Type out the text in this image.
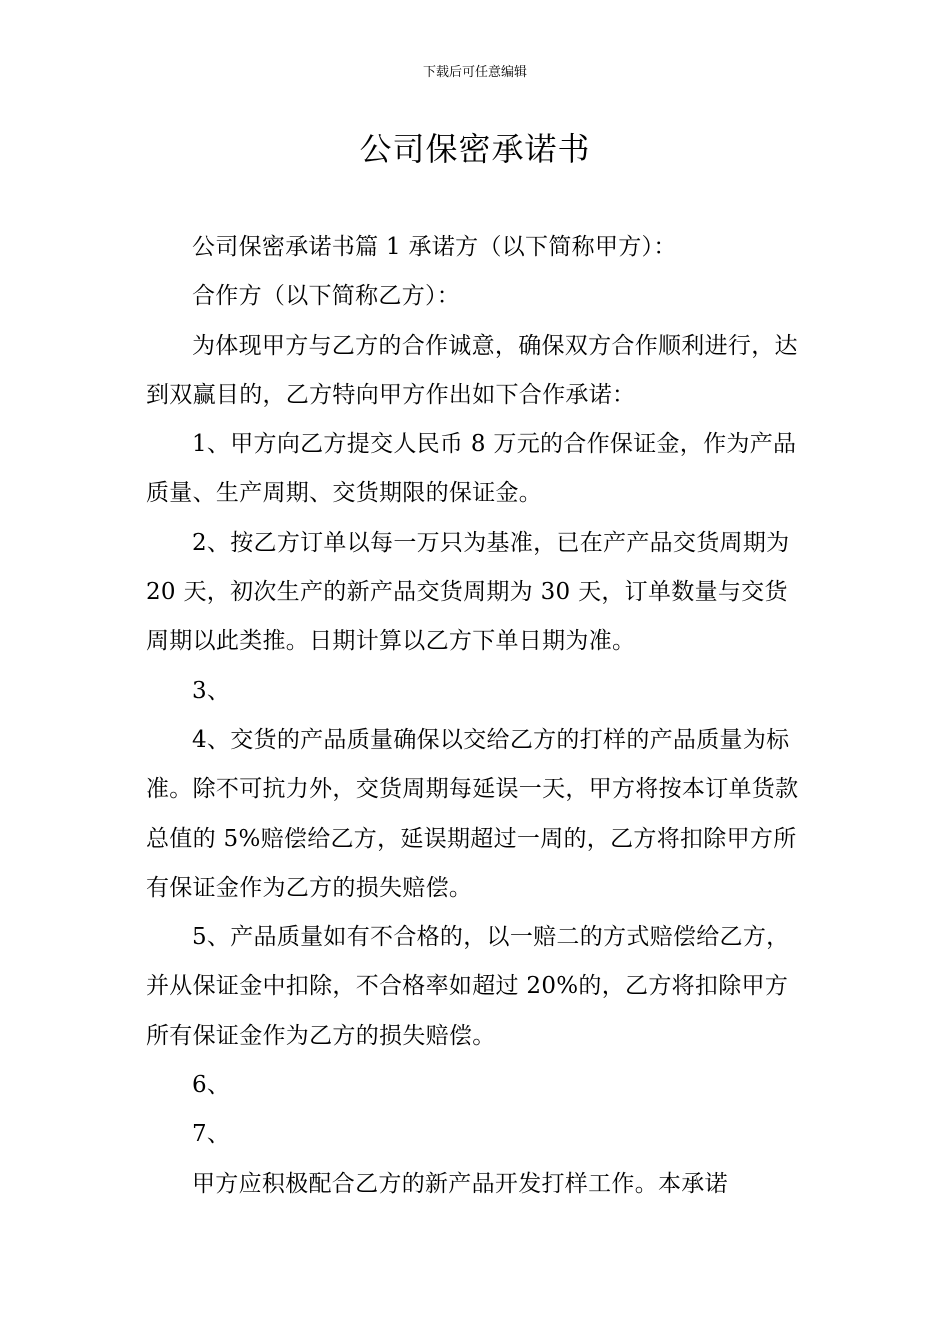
下载后可任意编辑
公司保密承诺书

公司保密承诺书篇 1 承诺方（以下简称甲方）：

合作方（以下简称乙方）：

为体现甲方与乙方的合作诚意，确保双方合作顺利进行，达到双赢目的，乙方特向甲方作出如下合作承诺：

1、甲方向乙方提交人民币 8 万元的合作保证金，作为产品质量、生产周期、交货期限的保证金。

2、按乙方订单以每一万只为基准，已在产产品交货周期为 20 天，初次生产的新产品交货周期为 30 天，订单数量与交货周期以此类推。日期计算以乙方下单日期为准。

3、

4、交货的产品质量确保以交给乙方的打样的产品质量为标准。除不可抗力外，交货周期每延误一天，甲方将按本订单货款总值的 5%赔偿给乙方，延误期超过一周的，乙方将扣除甲方所有保证金作为乙方的损失赔偿。

5、产品质量如有不合格的，以一赔二的方式赔偿给乙方，并从保证金中扣除，不合格率如超过 20%的，乙方将扣除甲方所有保证金作为乙方的损失赔偿。

6、

7、

甲方应积极配合乙方的新产品开发打样工作。本承诺
